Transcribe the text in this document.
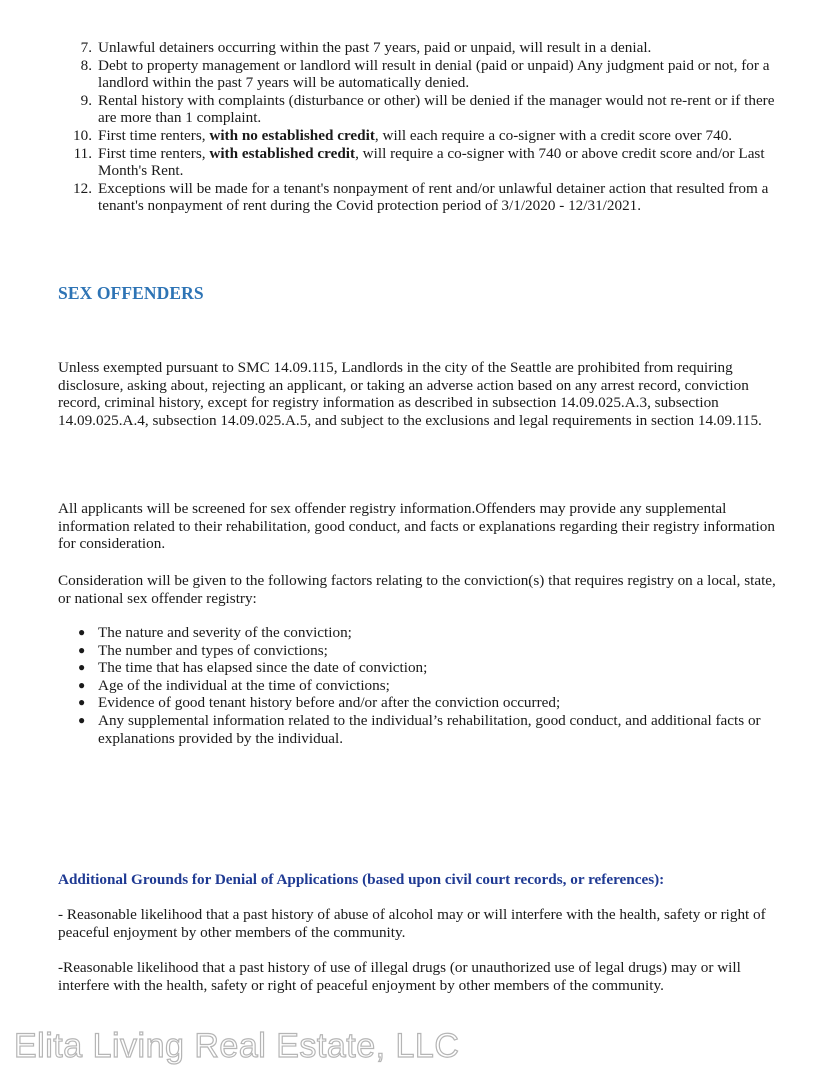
7. Unlawful detainers occurring within the past 7 years, paid or unpaid, will result in a denial.
8. Debt to property management or landlord will result in denial (paid or unpaid) Any judgment paid or not, for a landlord within the past 7 years will be automatically denied.
9. Rental history with complaints (disturbance or other) will be denied if the manager would not re-rent or if there are more than 1 complaint.
10. First time renters, with no established credit, will each require a co-signer with a credit score over 740.
11. First time renters, with established credit, will require a co-signer with 740 or above credit score and/or Last Month's Rent.
12. Exceptions will be made for a tenant's nonpayment of rent and/or unlawful detainer action that resulted from a tenant's nonpayment of rent during the Covid protection period of 3/1/2020 - 12/31/2021.
SEX OFFENDERS

Unless exempted pursuant to SMC 14.09.115, Landlords in the city of the Seattle are prohibited from requiring disclosure, asking about, rejecting an applicant, or taking an adverse action based on any arrest record, conviction record, criminal history, except for registry information as described in subsection 14.09.025.A.3, subsection 14.09.025.A.4, subsection 14.09.025.A.5, and subject to the exclusions and legal requirements in section 14.09.115.

All applicants will be screened for sex offender registry information.Offenders may provide any supplemental information related to their rehabilitation, good conduct, and facts or explanations regarding their registry information for consideration.

Consideration will be given to the following factors relating to the conviction(s) that requires registry on a local, state, or national sex offender registry:

● The nature and severity of the conviction;
● The number and types of convictions;
● The time that has elapsed since the date of conviction;
● Age of the individual at the time of convictions;
● Evidence of good tenant history before and/or after the conviction occurred;
● Any supplemental information related to the individual’s rehabilitation, good conduct, and additional facts or explanations provided by the individual.
Additional Grounds for Denial of Applications (based upon civil court records, or references):

- Reasonable likelihood that a past history of abuse of alcohol may or will interfere with the health, safety or right of peaceful enjoyment by other members of the community.

-Reasonable likelihood that a past history of use of illegal drugs (or unauthorized use of legal drugs) may or will interfere with the health, safety or right of peaceful enjoyment by other members of the community.

Elita Living Real Estate, LLC
